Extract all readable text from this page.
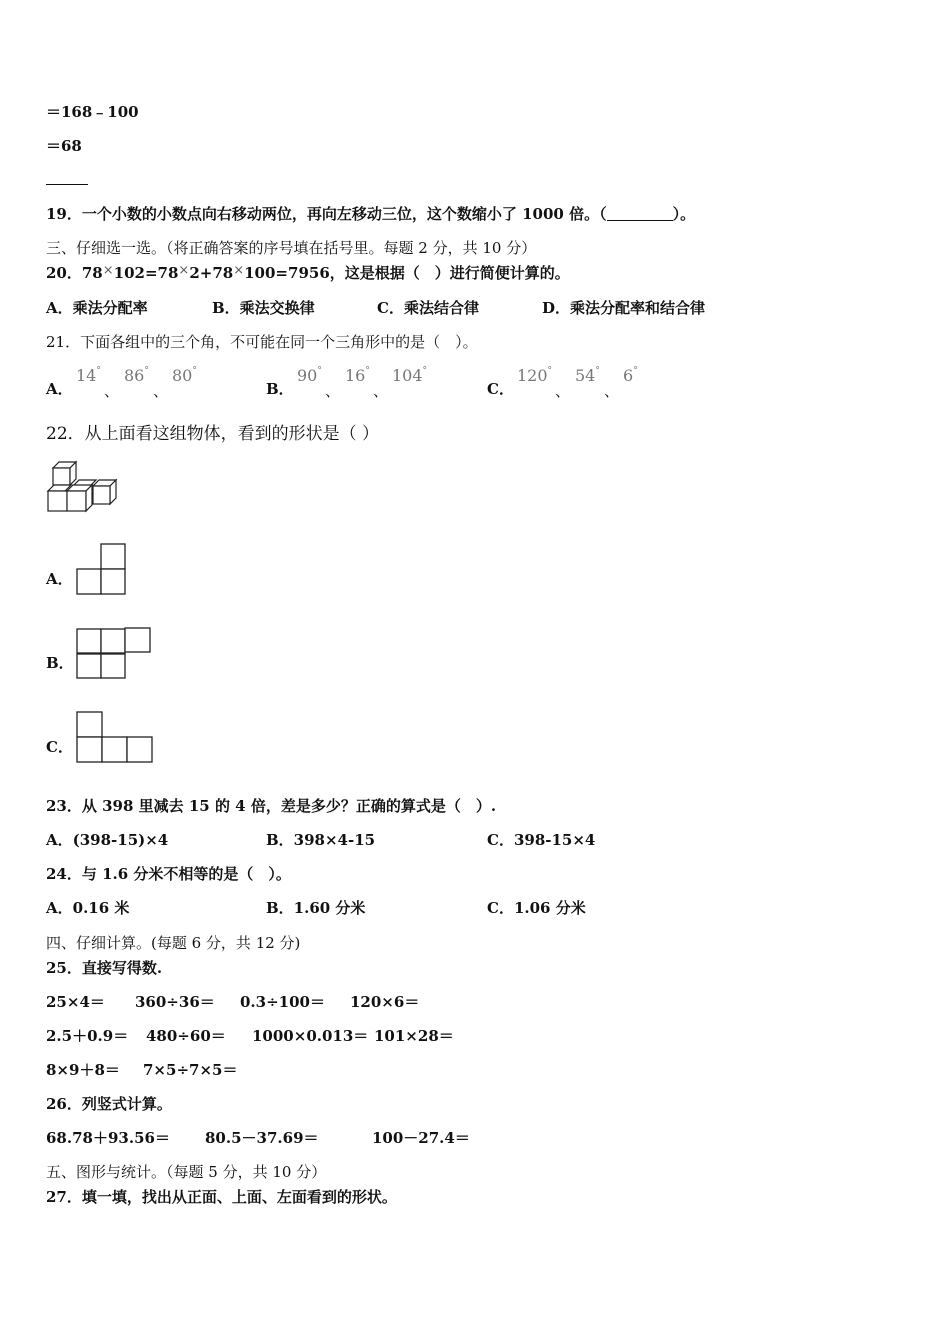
＝168﹣100
＝68
19．一个小数的小数点向右移动两位，再向左移动三位，这个数缩小了 1000 倍。（	）。
三、仔细选一选。（将正确答案的序号填在括号里。每题 2 分，共 10 分）
20．78×102=78×2+78×100=7956，这是根据（　）进行简便计算的。
A．乘法分配率	B．乘法交换律	C．乘法结合律	D．乘法分配率和结合律
21．下面各组中的三个角，不可能在同一个三角形中的是（　）。
A．
14°
、
86°
、
80°
B．
90°
、
16°
、
104°
C．
120°
、
54°
、
6°
22．从上面看这组物体，看到的形状是（ ）
A．
B．
C．
23．从 398 里减去 15 的 4 倍，差是多少？正确的算式是（　）.
A．(398-15)×4	B．398×4-15	C．398-15×4
24．与 1.6 分米不相等的是（　）。
A．0.16 米	B．1.60 分米	C．1.06 分米
四、仔细计算。(每题 6 分，共 12 分)
25．直接写得数.
25×4＝ 360÷36＝ 0.3÷100＝ 120×6＝
2.5＋0.9＝ 480÷60＝ 1000×0.013＝ 101×28＝
8×9＋8＝ 7×5÷7×5＝
26．列竖式计算。
68.78＋93.56＝ 80.5－37.69＝	100－27.4＝
五、图形与统计。（每题 5 分，共 10 分）
27．填一填，找出从正面、上面、左面看到的形状。
